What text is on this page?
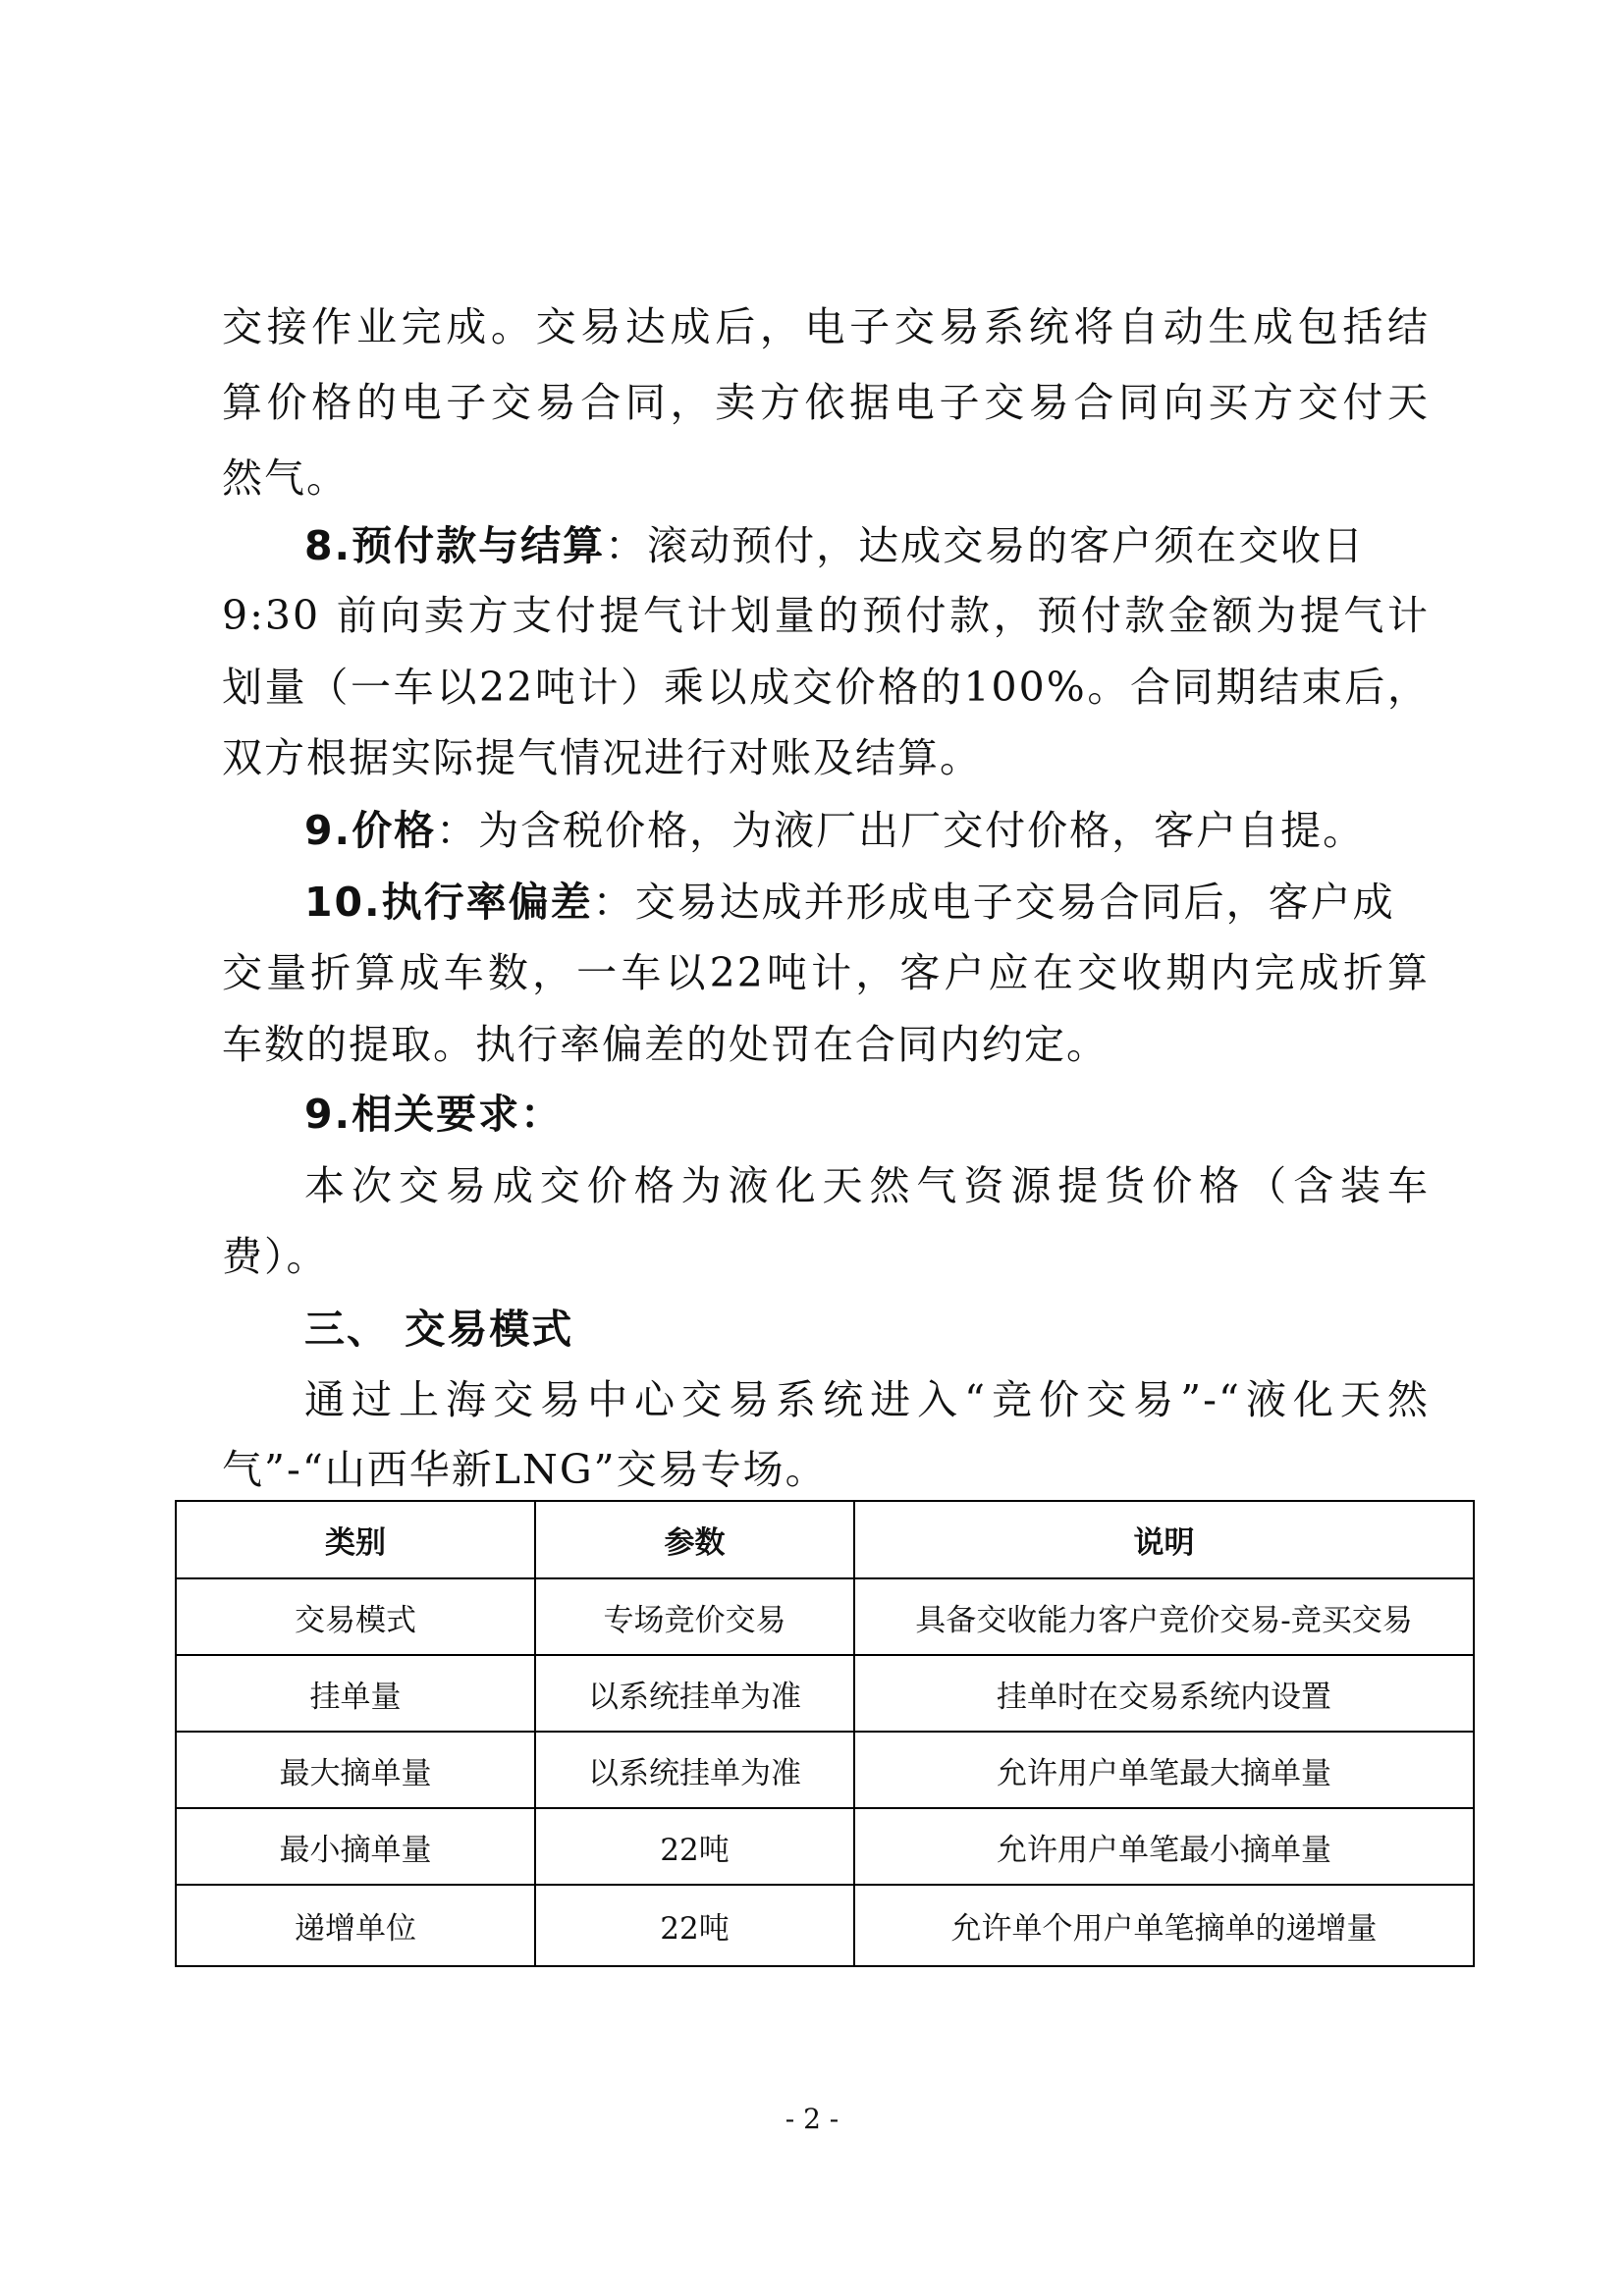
交接作业完成。交易达成后，电子交易系统将自动生成包括结
算价格的电子交易合同，卖方依据电子交易合同向买方交付天
然气。
8.预付款与结算：滚动预付，达成交易的客户须在交收日
9:30 前向卖方支付提气计划量的预付款，预付款金额为提气计
划量（一车以22吨计）乘以成交价格的100%。合同期结束后，
双方根据实际提气情况进行对账及结算。
9.价格：为含税价格，为液厂出厂交付价格，客户自提。
10.执行率偏差：交易达成并形成电子交易合同后，客户成
交量折算成车数，一车以22吨计，客户应在交收期内完成折算
车数的提取。执行率偏差的处罚在合同内约定。
9.相关要求：
本次交易成交价格为液化天然气资源提货价格（含装车
费）。
三、 交易模式
通过上海交易中心交易系统进入“竞价交易”-“液化天然
气”-“山西华新LNG”交易专场。
类别	参数	说明
交易模式	专场竞价交易	具备交收能力客户竞价交易-竞买交易
挂单量	以系统挂单为准	挂单时在交易系统内设置
最大摘单量	以系统挂单为准	允许用户单笔最大摘单量
最小摘单量	22吨	允许用户单笔最小摘单量
递增单位	22吨	允许单个用户单笔摘单的递增量
- 2 -
